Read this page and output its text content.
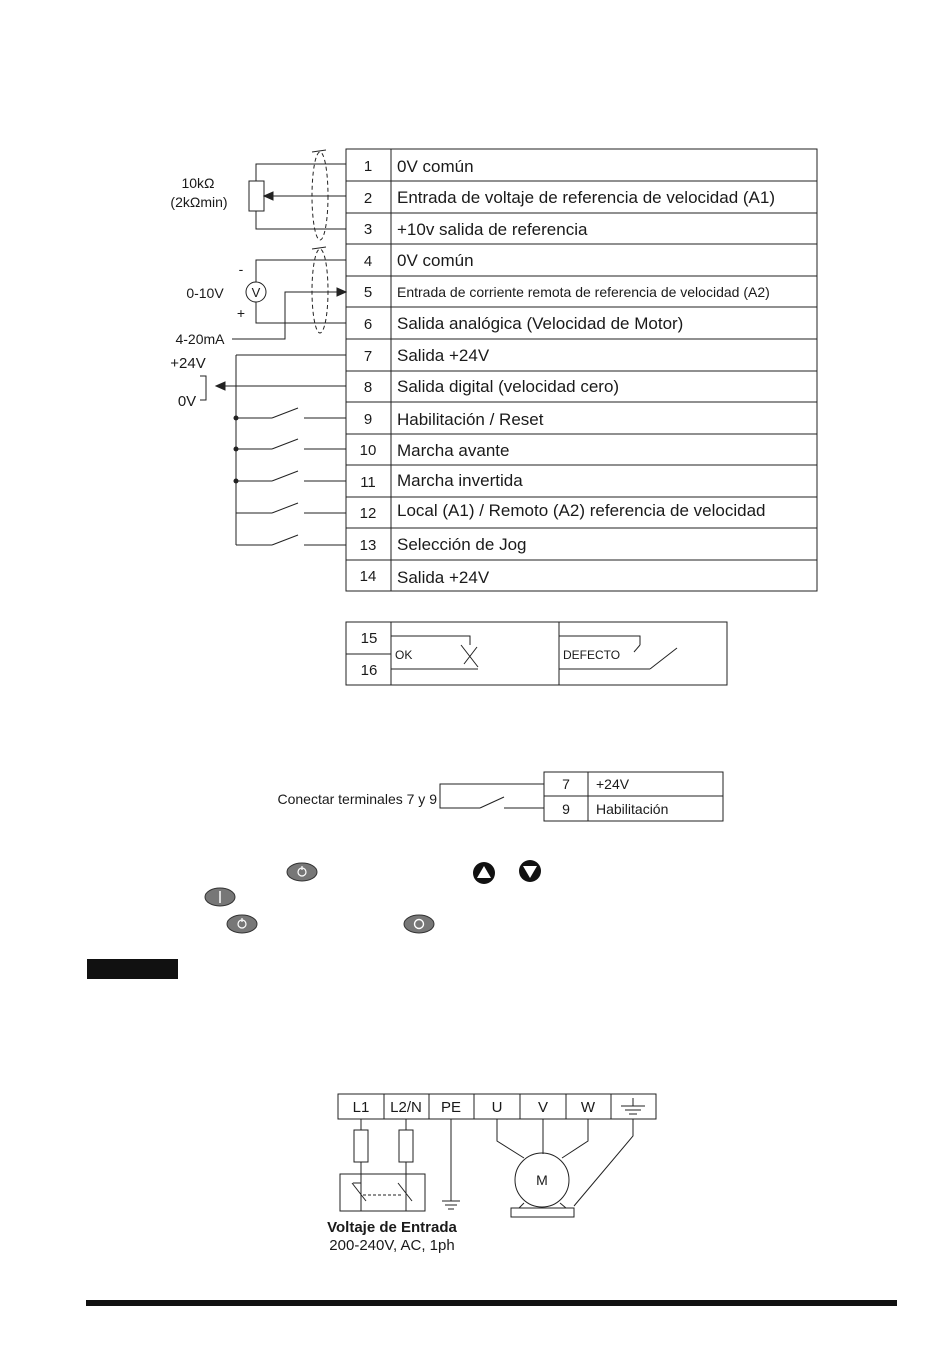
1
2
3
4
5
6
7
8
9
10
11
12
13
14
0V común
Entrada de voltaje de referencia de velocidad (A1)
+10v salida de referencia
0V común
Entrada de corriente remota de referencia de velocidad (A2)
Salida analógica (Velocidad de Motor)
Salida +24V
Salida digital (velocidad cero)
Habilitación / Reset
Marcha avante
Marcha invertida
Local (A1) / Remoto (A2) referencia de velocidad
Selección de Jog
Salida +24V
10kΩ
(2kΩmin)
V
-
+
0-10V
4-20mA
+24V
0V
15
16
OK	DEFECTO
Conectar terminales 7 y 9
7 +24V
9 Habilitación
L1 L2/N PE U V W
M
Voltaje de Entrada
200-240V, AC, 1ph
